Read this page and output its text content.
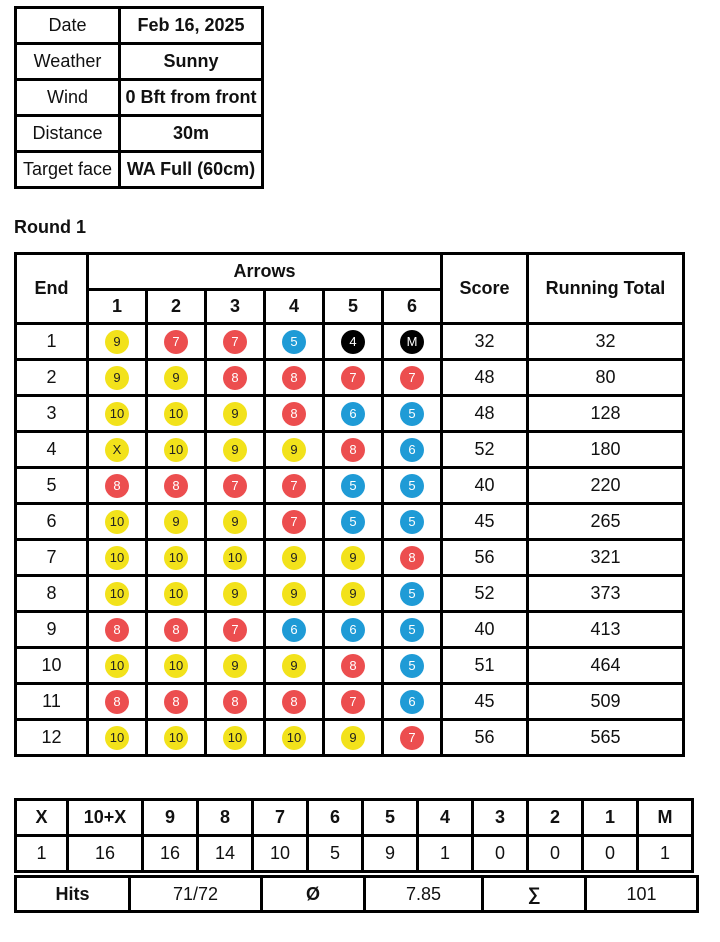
Date	Feb 16, 2025
Weather	Sunny
Wind	0 Bft from front
Distance	30m
Target face	WA Full (60cm)
Round 1
End	Arrows						Score	Running Total
	1	2	3	4	5	6		
1	9	7	7	5	4	M	32	32
2	9	9	8	8	7	7	48	80
3	10	10	9	8	6	5	48	128
4	X	10	9	9	8	6	52	180
5	8	8	7	7	5	5	40	220
6	10	9	9	7	5	5	45	265
7	10	10	10	9	9	8	56	321
8	10	10	9	9	9	5	52	373
9	8	8	7	6	6	5	40	413
10	10	10	9	9	8	5	51	464
11	8	8	8	8	7	6	45	509
12	10	10	10	10	9	7	56	565
X	10+X	9	8	7	6	5	4	3	2	1	M
1	16	16	14	10	5	9	1	0	0	0	1
Hits	71/72	Ø	7.85	∑	101
